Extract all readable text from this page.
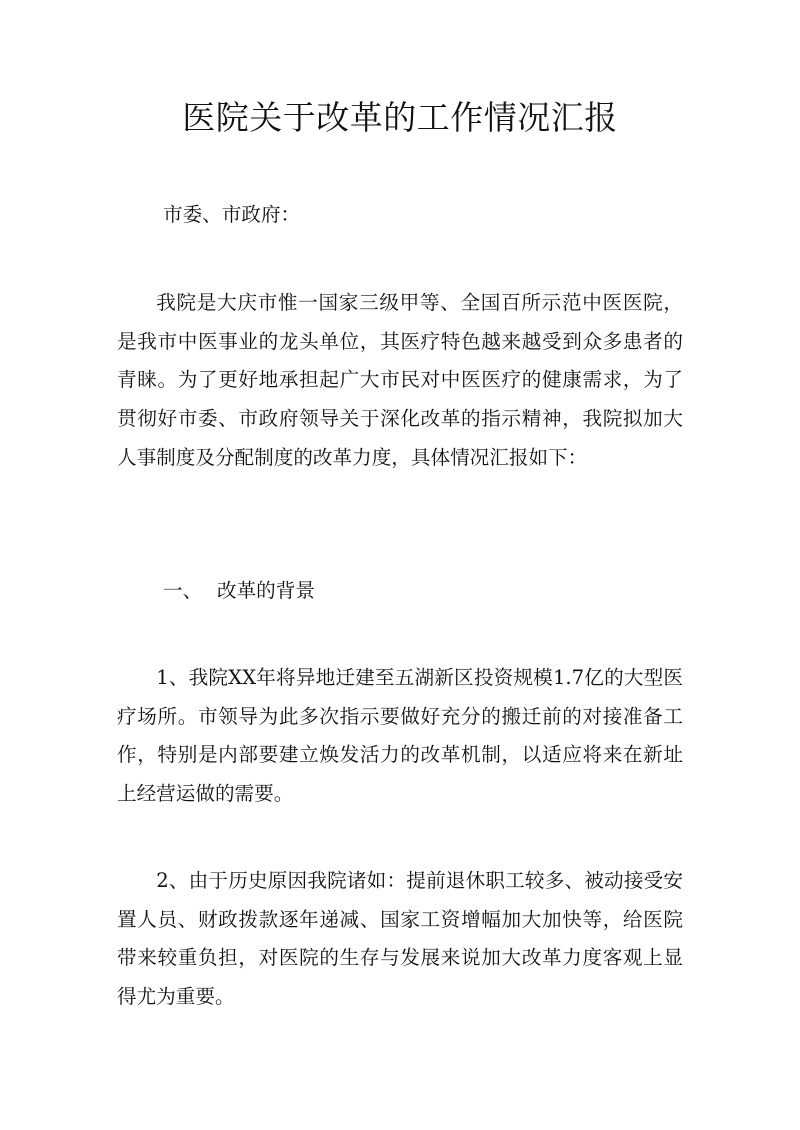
医院关于改革的工作情况汇报

市委、市政府：

我院是大庆市惟一国家三级甲等、全国百所示范中医医院，是我市中医事业的龙头单位，其医疗特色越来越受到众多患者的青睐。为了更好地承担起广大市民对中医医疗的健康需求，为了贯彻好市委、市政府领导关于深化改革的指示精神，我院拟加大人事制度及分配制度的改革力度，具体情况汇报如下：

一、 改革的背景

1、我院XX年将异地迁建至五湖新区投资规模1.7亿的大型医疗场所。市领导为此多次指示要做好充分的搬迁前的对接准备工作，特别是内部要建立焕发活力的改革机制，以适应将来在新址上经营运做的需要。

2、由于历史原因我院诸如：提前退休职工较多、被动接受安置人员、财政拨款逐年递减、国家工资增幅加大加快等，给医院带来较重负担，对医院的生存与发展来说加大改革力度客观上显得尤为重要。
